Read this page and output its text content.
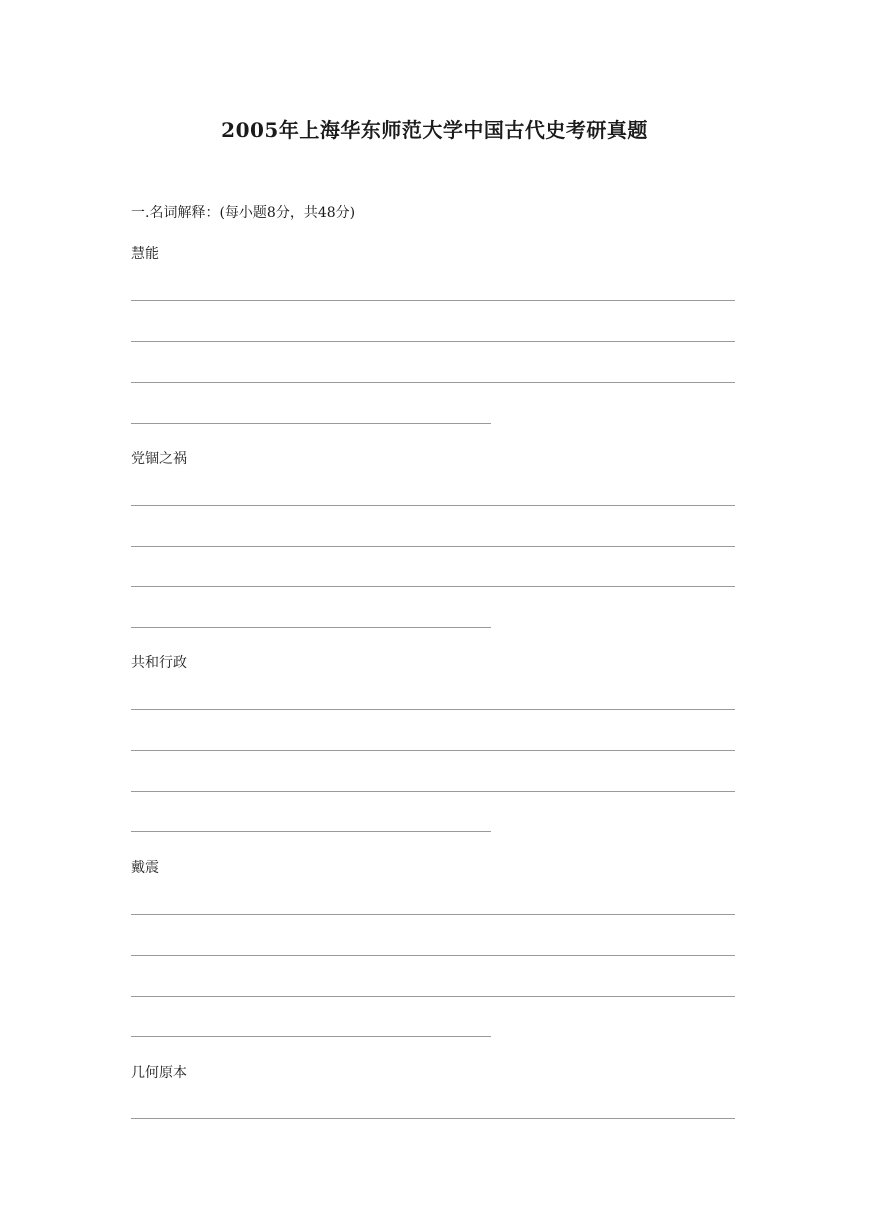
2005年上海华东师范大学中国古代史考研真题
一.名词解释：(每小题8分，共48分)
慧能
党锢之祸
共和行政
戴震
几何原本
